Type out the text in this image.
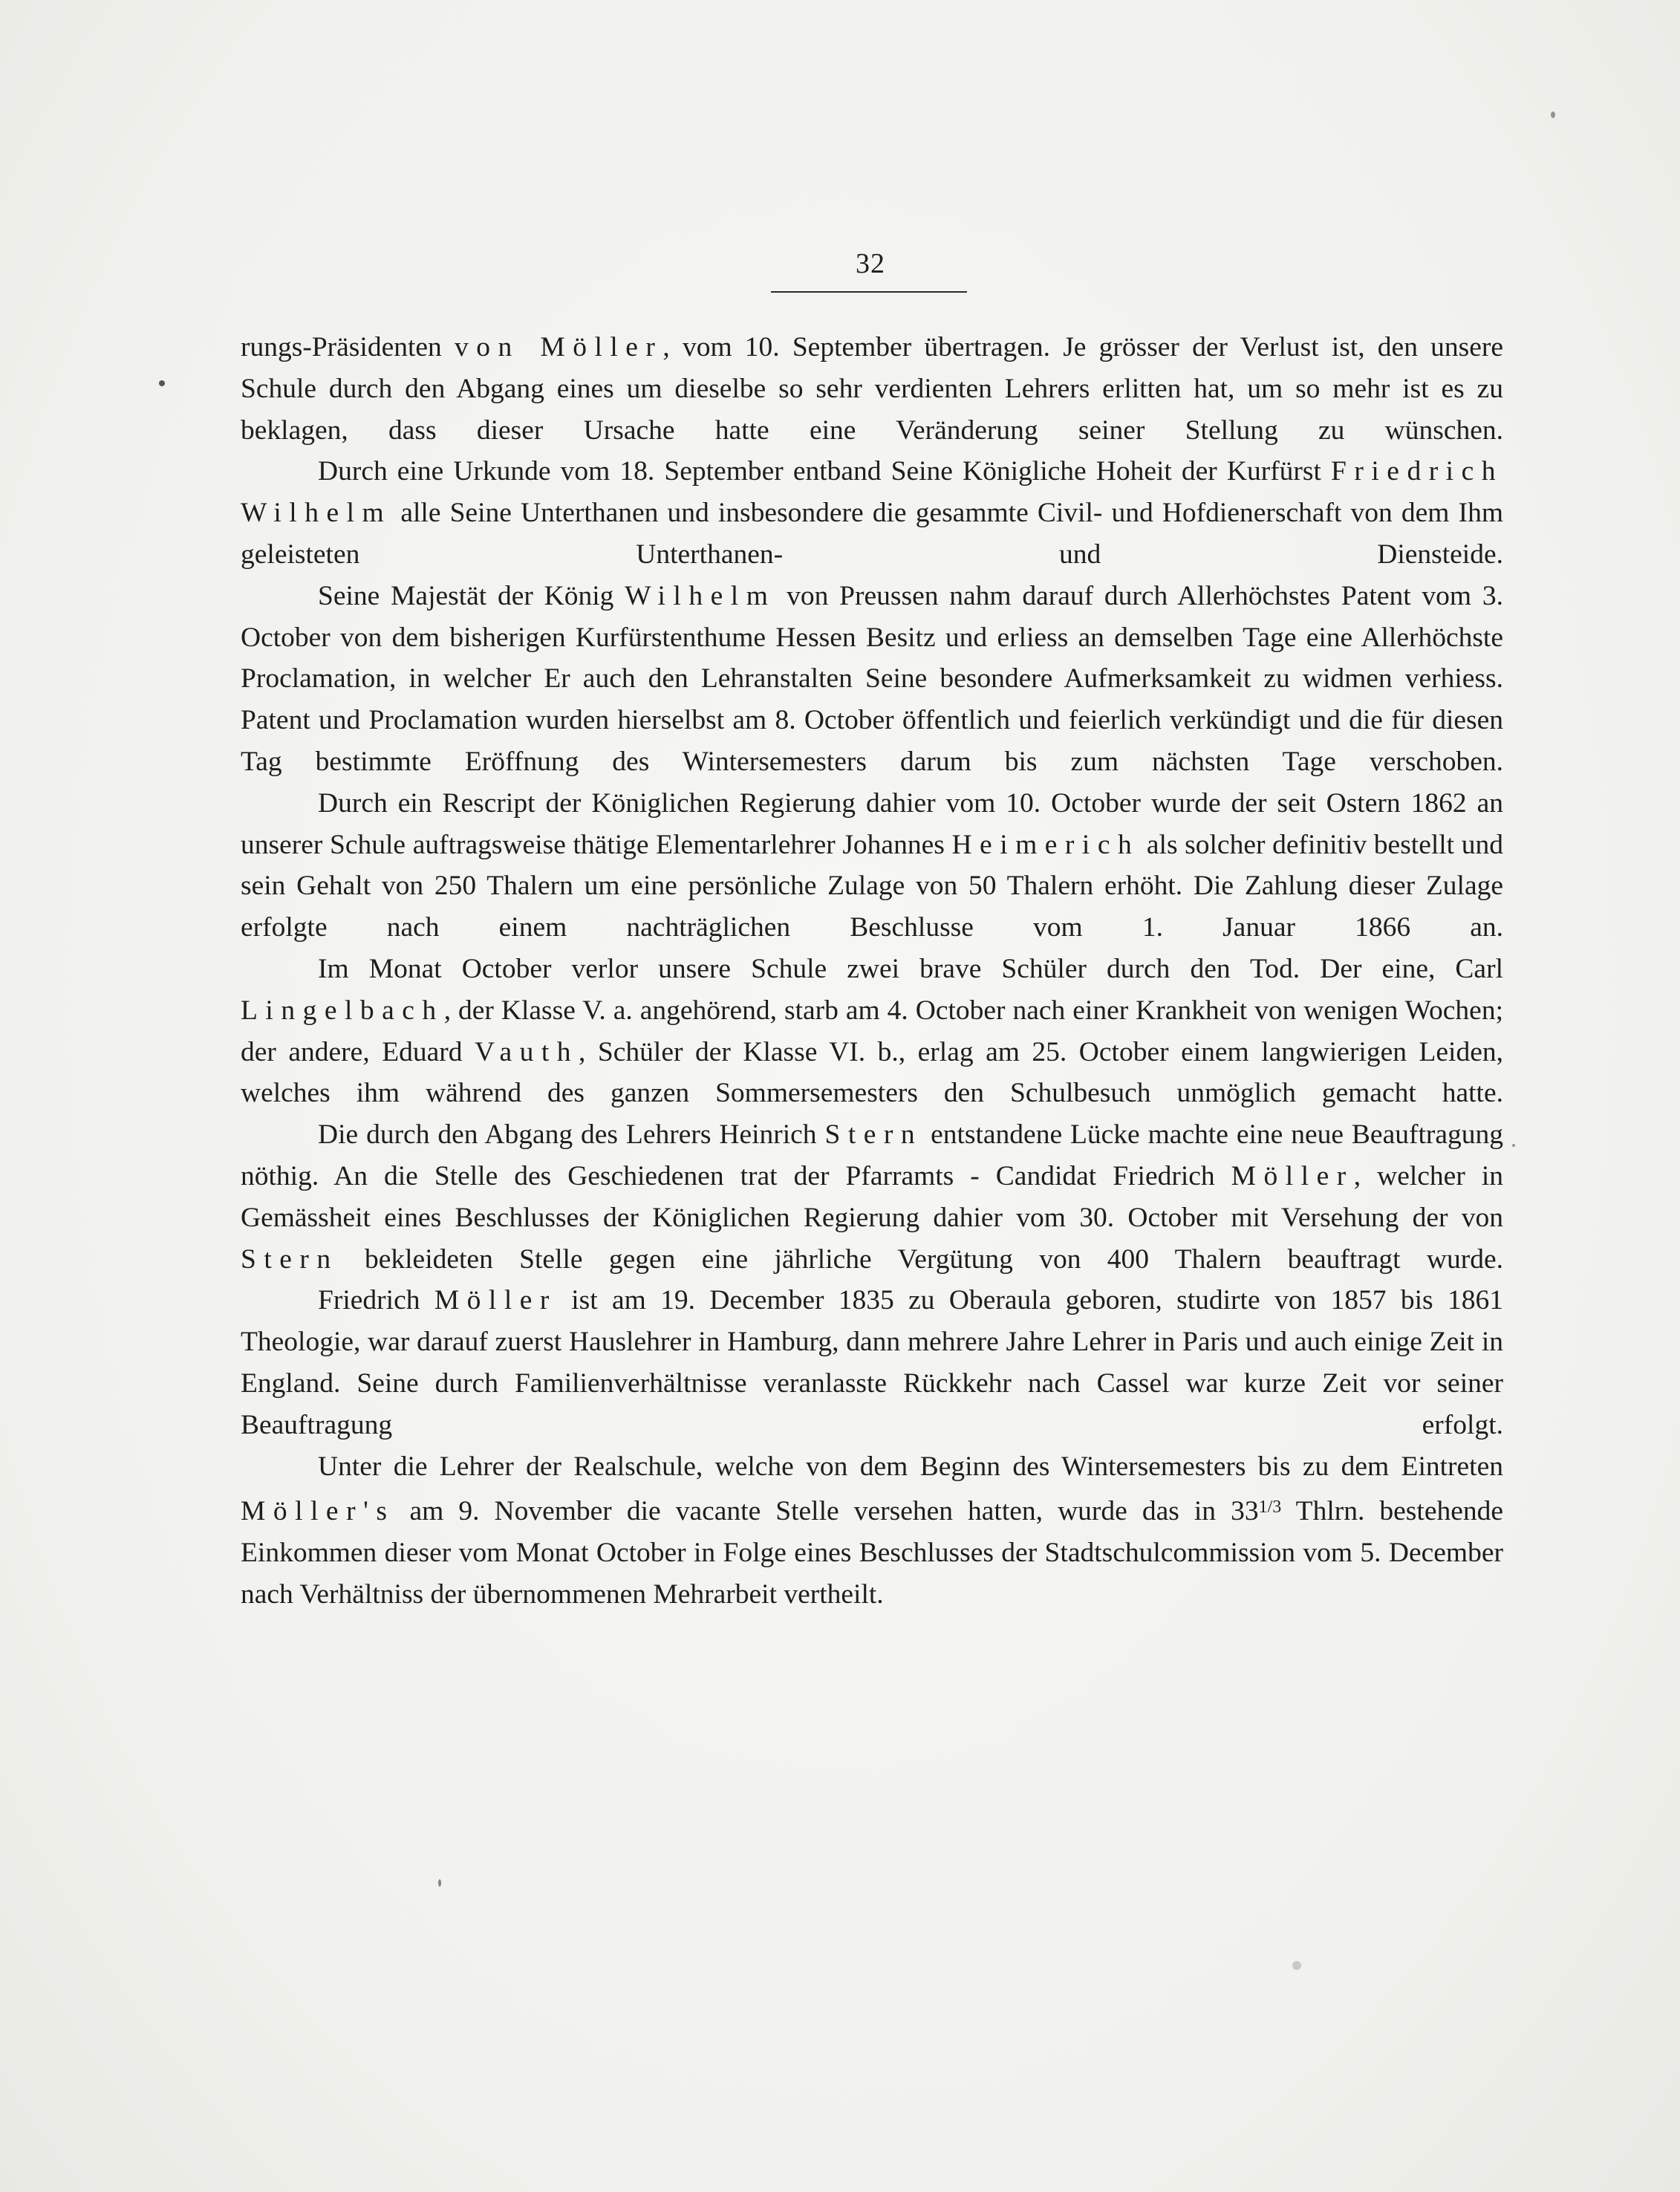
32

rungs-Präsidenten von Möller, vom 10. September übertragen. Je grösser der Verlust ist, den unsere Schule durch den Abgang eines um dieselbe so sehr verdienten Lehrers erlitten hat, um so mehr ist es zu beklagen, dass dieser Ursache hatte eine Veränderung seiner Stellung zu wünschen.

Durch eine Urkunde vom 18. September entband Seine Königliche Hoheit der Kurfürst Friedrich Wilhelm alle Seine Unterthanen und insbesondere die gesammte Civil- und Hofdienerschaft von dem Ihm geleisteten Unterthanen- und Diensteide.

Seine Majestät der König Wilhelm von Preussen nahm darauf durch Allerhöchstes Patent vom 3. October von dem bisherigen Kurfürstenthume Hessen Besitz und erliess an demselben Tage eine Allerhöchste Proclamation, in welcher Er auch den Lehranstalten Seine besondere Aufmerksamkeit zu widmen verhiess. Patent und Proclamation wurden hierselbst am 8. October öffentlich und feierlich verkündigt und die für diesen Tag bestimmte Eröffnung des Wintersemesters darum bis zum nächsten Tage verschoben.

Durch ein Rescript der Königlichen Regierung dahier vom 10. October wurde der seit Ostern 1862 an unserer Schule auftragsweise thätige Elementarlehrer Johannes Heimerich als solcher definitiv bestellt und sein Gehalt von 250 Thalern um eine persönliche Zulage von 50 Thalern erhöht. Die Zahlung dieser Zulage erfolgte nach einem nachträglichen Beschlusse vom 1. Januar 1866 an.

Im Monat October verlor unsere Schule zwei brave Schüler durch den Tod. Der eine, Carl Lingelbach, der Klasse V. a. angehörend, starb am 4. October nach einer Krankheit von wenigen Wochen; der andere, Eduard Vauth, Schüler der Klasse VI. b., erlag am 25. October einem langwierigen Leiden, welches ihm während des ganzen Sommersemesters den Schulbesuch unmöglich gemacht hatte.

Die durch den Abgang des Lehrers Heinrich Stern entstandene Lücke machte eine neue Beauftragung nöthig. An die Stelle des Geschiedenen trat der Pfarramts - Candidat Friedrich Möller, welcher in Gemässheit eines Beschlusses der Königlichen Regierung dahier vom 30. October mit Versehung der von Stern bekleideten Stelle gegen eine jährliche Vergütung von 400 Thalern beauftragt wurde.

Friedrich Möller ist am 19. December 1835 zu Oberaula geboren, studirte von 1857 bis 1861 Theologie, war darauf zuerst Hauslehrer in Hamburg, dann mehrere Jahre Lehrer in Paris und auch einige Zeit in England. Seine durch Familienverhältnisse veranlasste Rückkehr nach Cassel war kurze Zeit vor seiner Beauftragung erfolgt.

Unter die Lehrer der Realschule, welche von dem Beginn des Wintersemesters bis zu dem Eintreten Möller's am 9. November die vacante Stelle versehen hatten, wurde das in $33^{1/3}$ Thlrn. bestehende Einkommen dieser vom Monat October in Folge eines Beschlusses der Stadtschulcommission vom 5. December nach Verhältniss der übernommenen Mehrarbeit vertheilt.
